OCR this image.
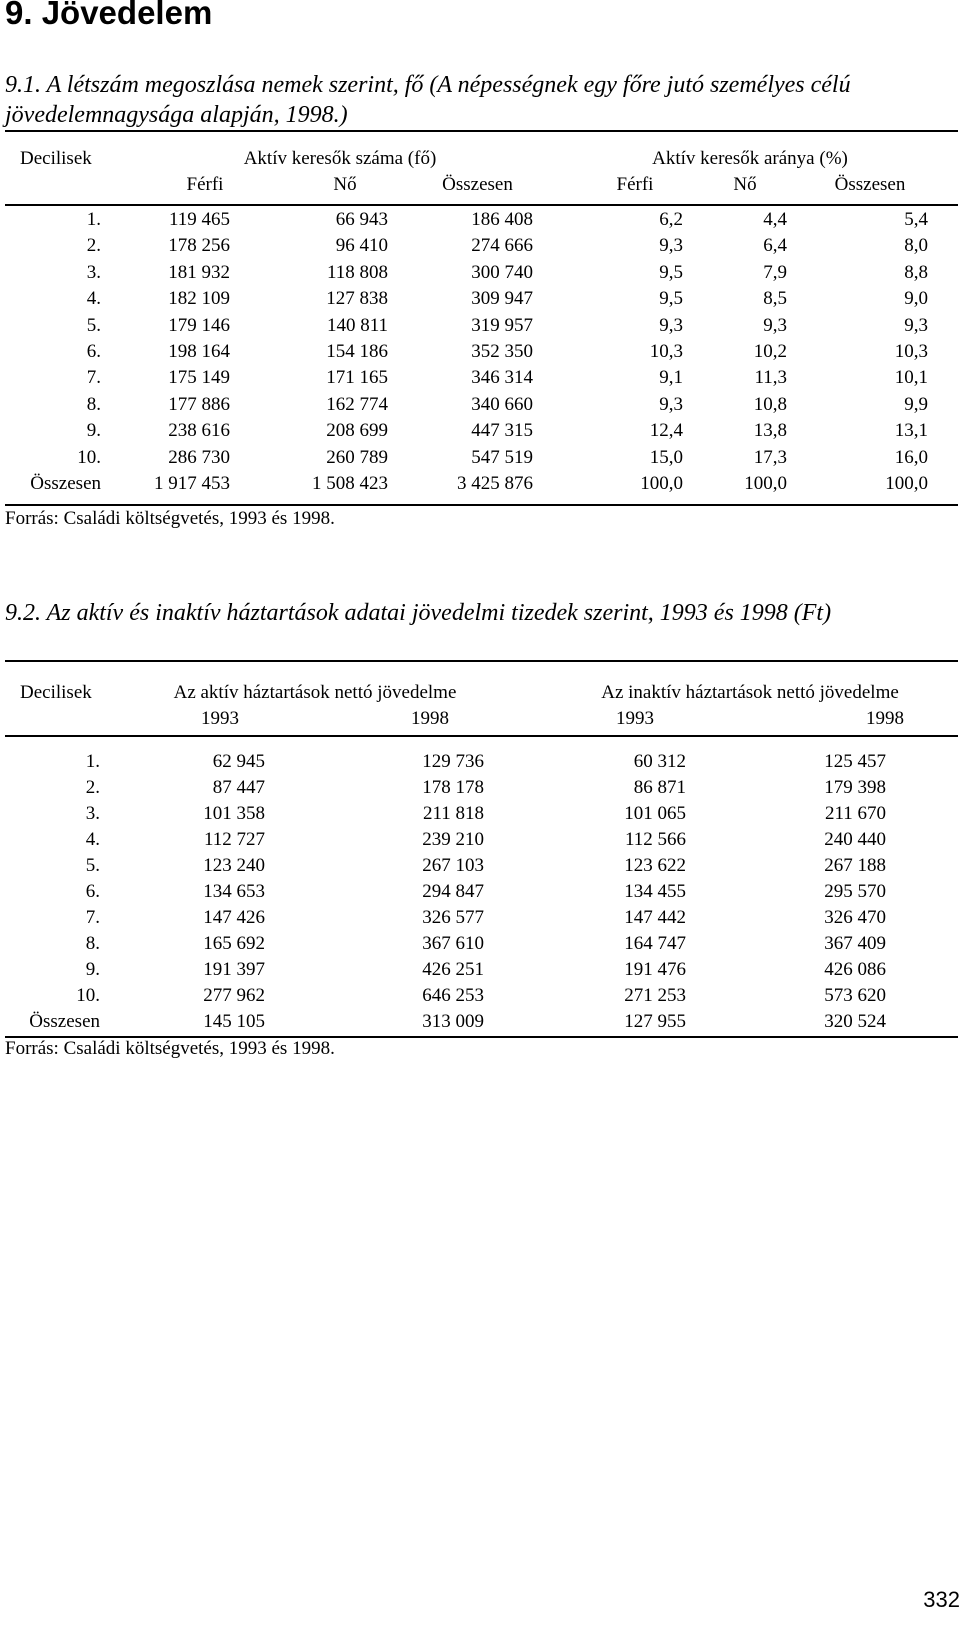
9. Jövedelem
9.1. A létszám megoszlása nemek szerint, fő (A népességnek egy főre jutó személyes célú jövedelemnagysága alapján, 1998.)
Decilisek	Aktív keresők száma (fő)	Aktív keresők aránya (%)
Férfi	Nő	Összesen	Férfi	Nő	Összesen
1.	119 465	66 943	186 408	6,2	4,4	5,4
2.	178 256	96 410	274 666	9,3	6,4	8,0
3.	181 932	118 808	300 740	9,5	7,9	8,8
4.	182 109	127 838	309 947	9,5	8,5	9,0
5.	179 146	140 811	319 957	9,3	9,3	9,3
6.	198 164	154 186	352 350	10,3	10,2	10,3
7.	175 149	171 165	346 314	9,1	11,3	10,1
8.	177 886	162 774	340 660	9,3	10,8	9,9
9.	238 616	208 699	447 315	12,4	13,8	13,1
10.	286 730	260 789	547 519	15,0	17,3	16,0
Összesen	1 917 453	1 508 423	3 425 876	100,0	100,0	100,0
Forrás: Családi költségvetés, 1993 és 1998.
9.2. Az aktív és inaktív háztartások adatai jövedelmi tizedek szerint, 1993 és 1998 (Ft)
Decilisek	Az aktív háztartások nettó jövedelme	Az inaktív háztartások nettó jövedelme
1993	1998	1993	1998
1.	62 945	129 736	60 312	125 457
2.	87 447	178 178	86 871	179 398
3.	101 358	211 818	101 065	211 670
4.	112 727	239 210	112 566	240 440
5.	123 240	267 103	123 622	267 188
6.	134 653	294 847	134 455	295 570
7.	147 426	326 577	147 442	326 470
8.	165 692	367 610	164 747	367 409
9.	191 397	426 251	191 476	426 086
10.	277 962	646 253	271 253	573 620
Összesen	145 105	313 009	127 955	320 524
Forrás: Családi költségvetés, 1993 és 1998.
332
